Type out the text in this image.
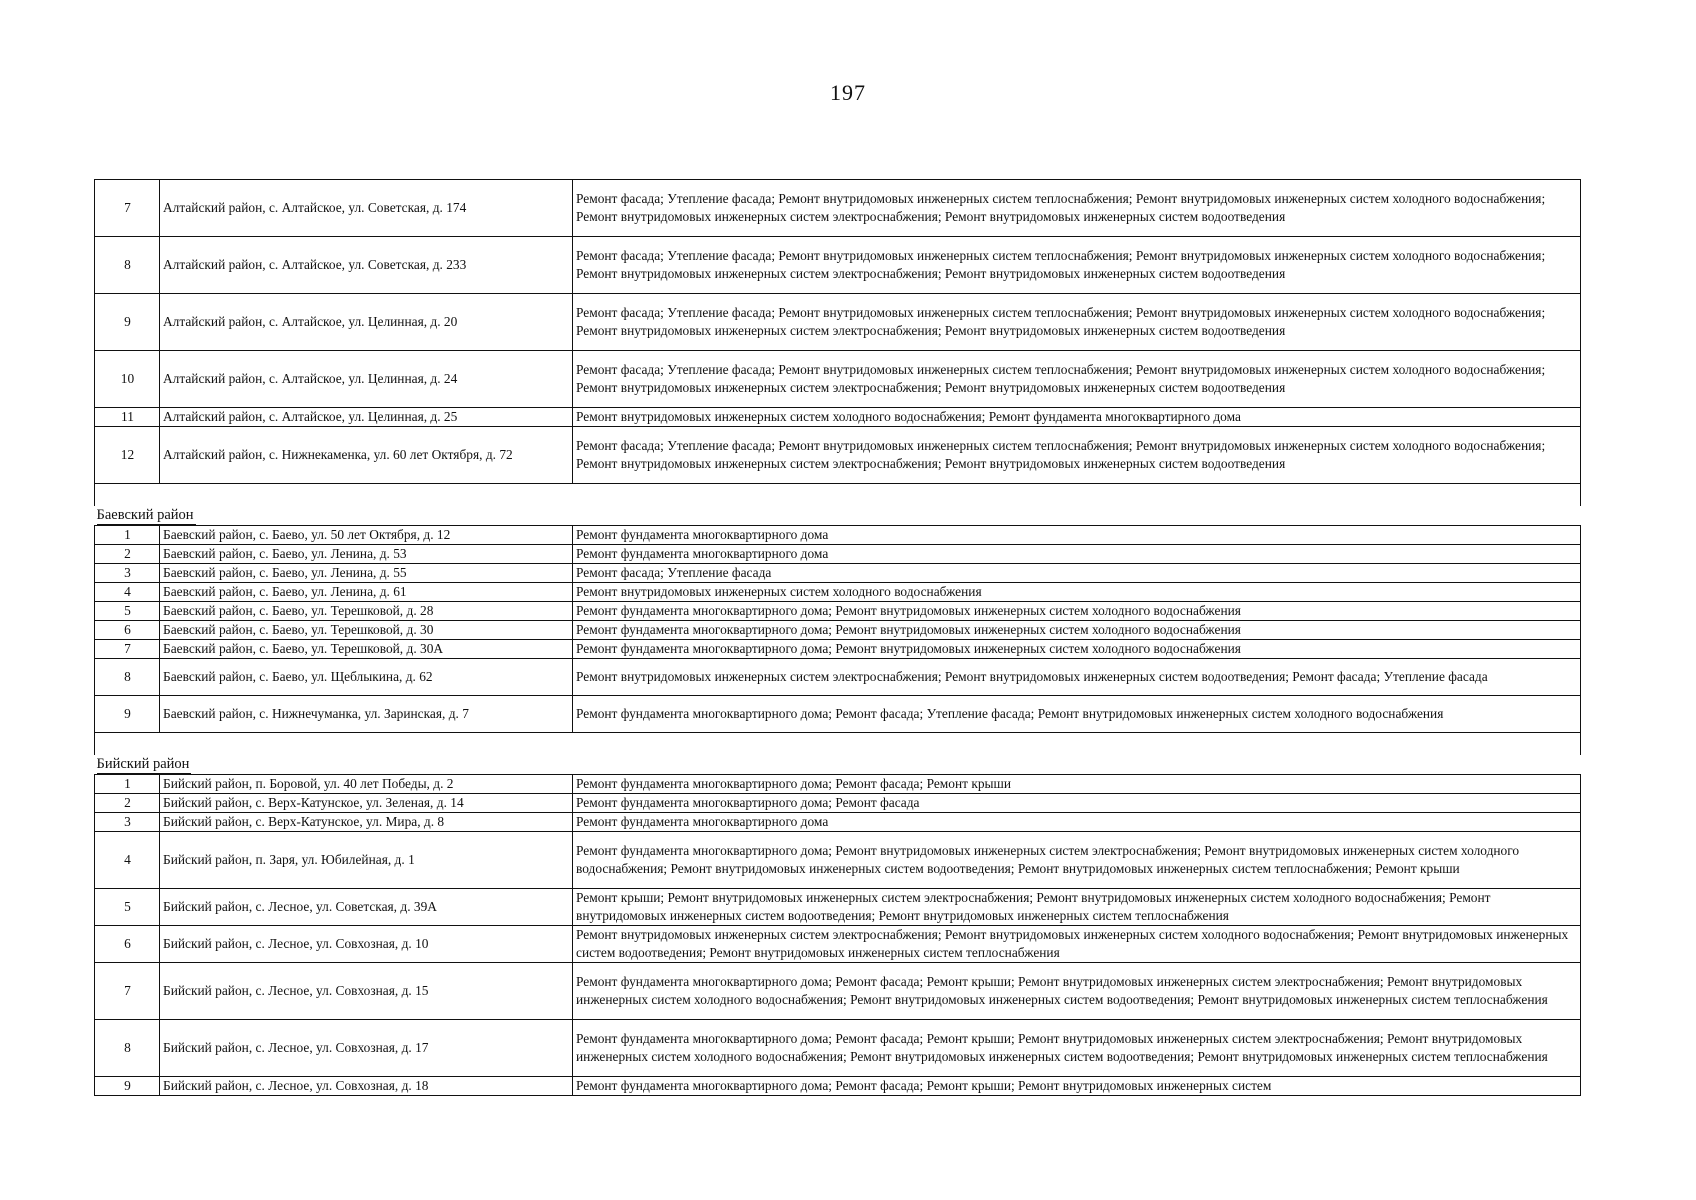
197
7	Алтайский район, с. Алтайское, ул. Советская, д. 174	Ремонт фасада; Утепление фасада; Ремонт внутридомовых инженерных систем теплоснабжения; Ремонт внутридомовых инженерных систем холодного водоснабжения; Ремонт внутридомовых инженерных систем электроснабжения; Ремонт внутридомовых инженерных систем водоотведения
8	Алтайский район, с. Алтайское, ул. Советская, д. 233	Ремонт фасада; Утепление фасада; Ремонт внутридомовых инженерных систем теплоснабжения; Ремонт внутридомовых инженерных систем холодного водоснабжения; Ремонт внутридомовых инженерных систем электроснабжения; Ремонт внутридомовых инженерных систем водоотведения
9	Алтайский район, с. Алтайское, ул. Целинная, д. 20	Ремонт фасада; Утепление фасада; Ремонт внутридомовых инженерных систем теплоснабжения; Ремонт внутридомовых инженерных систем холодного водоснабжения; Ремонт внутридомовых инженерных систем электроснабжения; Ремонт внутридомовых инженерных систем водоотведения
10	Алтайский район, с. Алтайское, ул. Целинная, д. 24	Ремонт фасада; Утепление фасада; Ремонт внутридомовых инженерных систем теплоснабжения; Ремонт внутридомовых инженерных систем холодного водоснабжения; Ремонт внутридомовых инженерных систем электроснабжения; Ремонт внутридомовых инженерных систем водоотведения
11	Алтайский район, с. Алтайское, ул. Целинная, д. 25	Ремонт внутридомовых инженерных систем холодного водоснабжения; Ремонт фундамента многоквартирного дома
12	Алтайский район, с. Нижнекаменка, ул. 60 лет Октября, д. 72	Ремонт фасада; Утепление фасада; Ремонт внутридомовых инженерных систем теплоснабжения; Ремонт внутридомовых инженерных систем холодного водоснабжения; Ремонт внутридомовых инженерных систем электроснабжения; Ремонт внутридомовых инженерных систем водоотведения

Баевский район		
1	Баевский район, с. Баево, ул. 50 лет Октября, д. 12	Ремонт фундамента многоквартирного дома
2	Баевский район, с. Баево, ул. Ленина, д. 53	Ремонт фундамента многоквартирного дома
3	Баевский район, с. Баево, ул. Ленина, д. 55	Ремонт фасада; Утепление фасада
4	Баевский район, с. Баево, ул. Ленина, д. 61	Ремонт внутридомовых инженерных систем холодного водоснабжения
5	Баевский район, с. Баево, ул. Терешковой, д. 28	Ремонт фундамента многоквартирного дома; Ремонт внутридомовых инженерных систем холодного водоснабжения
6	Баевский район, с. Баево, ул. Терешковой, д. 30	Ремонт фундамента многоквартирного дома; Ремонт внутридомовых инженерных систем холодного водоснабжения
7	Баевский район, с. Баево, ул. Терешковой, д. 30А	Ремонт фундамента многоквартирного дома; Ремонт внутридомовых инженерных систем холодного водоснабжения
8	Баевский район, с. Баево, ул. Щеблыкина, д. 62	Ремонт внутридомовых инженерных систем электроснабжения; Ремонт внутридомовых инженерных систем водоотведения; Ремонт фасада; Утепление фасада
9	Баевский район, с. Нижнечуманка, ул. Заринская, д. 7	Ремонт фундамента многоквартирного дома; Ремонт фасада; Утепление фасада; Ремонт внутридомовых инженерных систем холодного водоснабжения

Бийский район		
1	Бийский район, п. Боровой, ул. 40 лет Победы, д. 2	Ремонт фундамента многоквартирного дома; Ремонт фасада; Ремонт крыши
2	Бийский район, с. Верх-Катунское, ул. Зеленая, д. 14	Ремонт фундамента многоквартирного дома; Ремонт фасада
3	Бийский район, с. Верх-Катунское, ул. Мира, д. 8	Ремонт фундамента многоквартирного дома
4	Бийский район, п. Заря, ул. Юбилейная, д. 1	Ремонт фундамента многоквартирного дома; Ремонт внутридомовых инженерных систем электроснабжения; Ремонт внутридомовых инженерных систем холодного водоснабжения; Ремонт внутридомовых инженерных систем водоотведения; Ремонт внутридомовых инженерных систем теплоснабжения; Ремонт крыши
5	Бийский район, с. Лесное, ул. Советская, д. 39А	Ремонт крыши; Ремонт внутридомовых инженерных систем электроснабжения; Ремонт внутридомовых инженерных систем холодного водоснабжения; Ремонт внутридомовых инженерных систем водоотведения; Ремонт внутридомовых инженерных систем теплоснабжения
6	Бийский район, с. Лесное, ул. Совхозная, д. 10	Ремонт внутридомовых инженерных систем электроснабжения; Ремонт внутридомовых инженерных систем холодного водоснабжения; Ремонт внутридомовых инженерных систем водоотведения; Ремонт внутридомовых инженерных систем теплоснабжения
7	Бийский район, с. Лесное, ул. Совхозная, д. 15	Ремонт фундамента многоквартирного дома; Ремонт фасада; Ремонт крыши; Ремонт внутридомовых инженерных систем электроснабжения; Ремонт внутридомовых инженерных систем холодного водоснабжения; Ремонт внутридомовых инженерных систем водоотведения; Ремонт внутридомовых инженерных систем теплоснабжения
8	Бийский район, с. Лесное, ул. Совхозная, д. 17	Ремонт фундамента многоквартирного дома; Ремонт фасада; Ремонт крыши; Ремонт внутридомовых инженерных систем электроснабжения; Ремонт внутридомовых инженерных систем холодного водоснабжения; Ремонт внутридомовых инженерных систем водоотведения; Ремонт внутридомовых инженерных систем теплоснабжения
9	Бийский район, с. Лесное, ул. Совхозная, д. 18	Ремонт фундамента многоквартирного дома; Ремонт фасада; Ремонт крыши; Ремонт внутридомовых инженерных систем
